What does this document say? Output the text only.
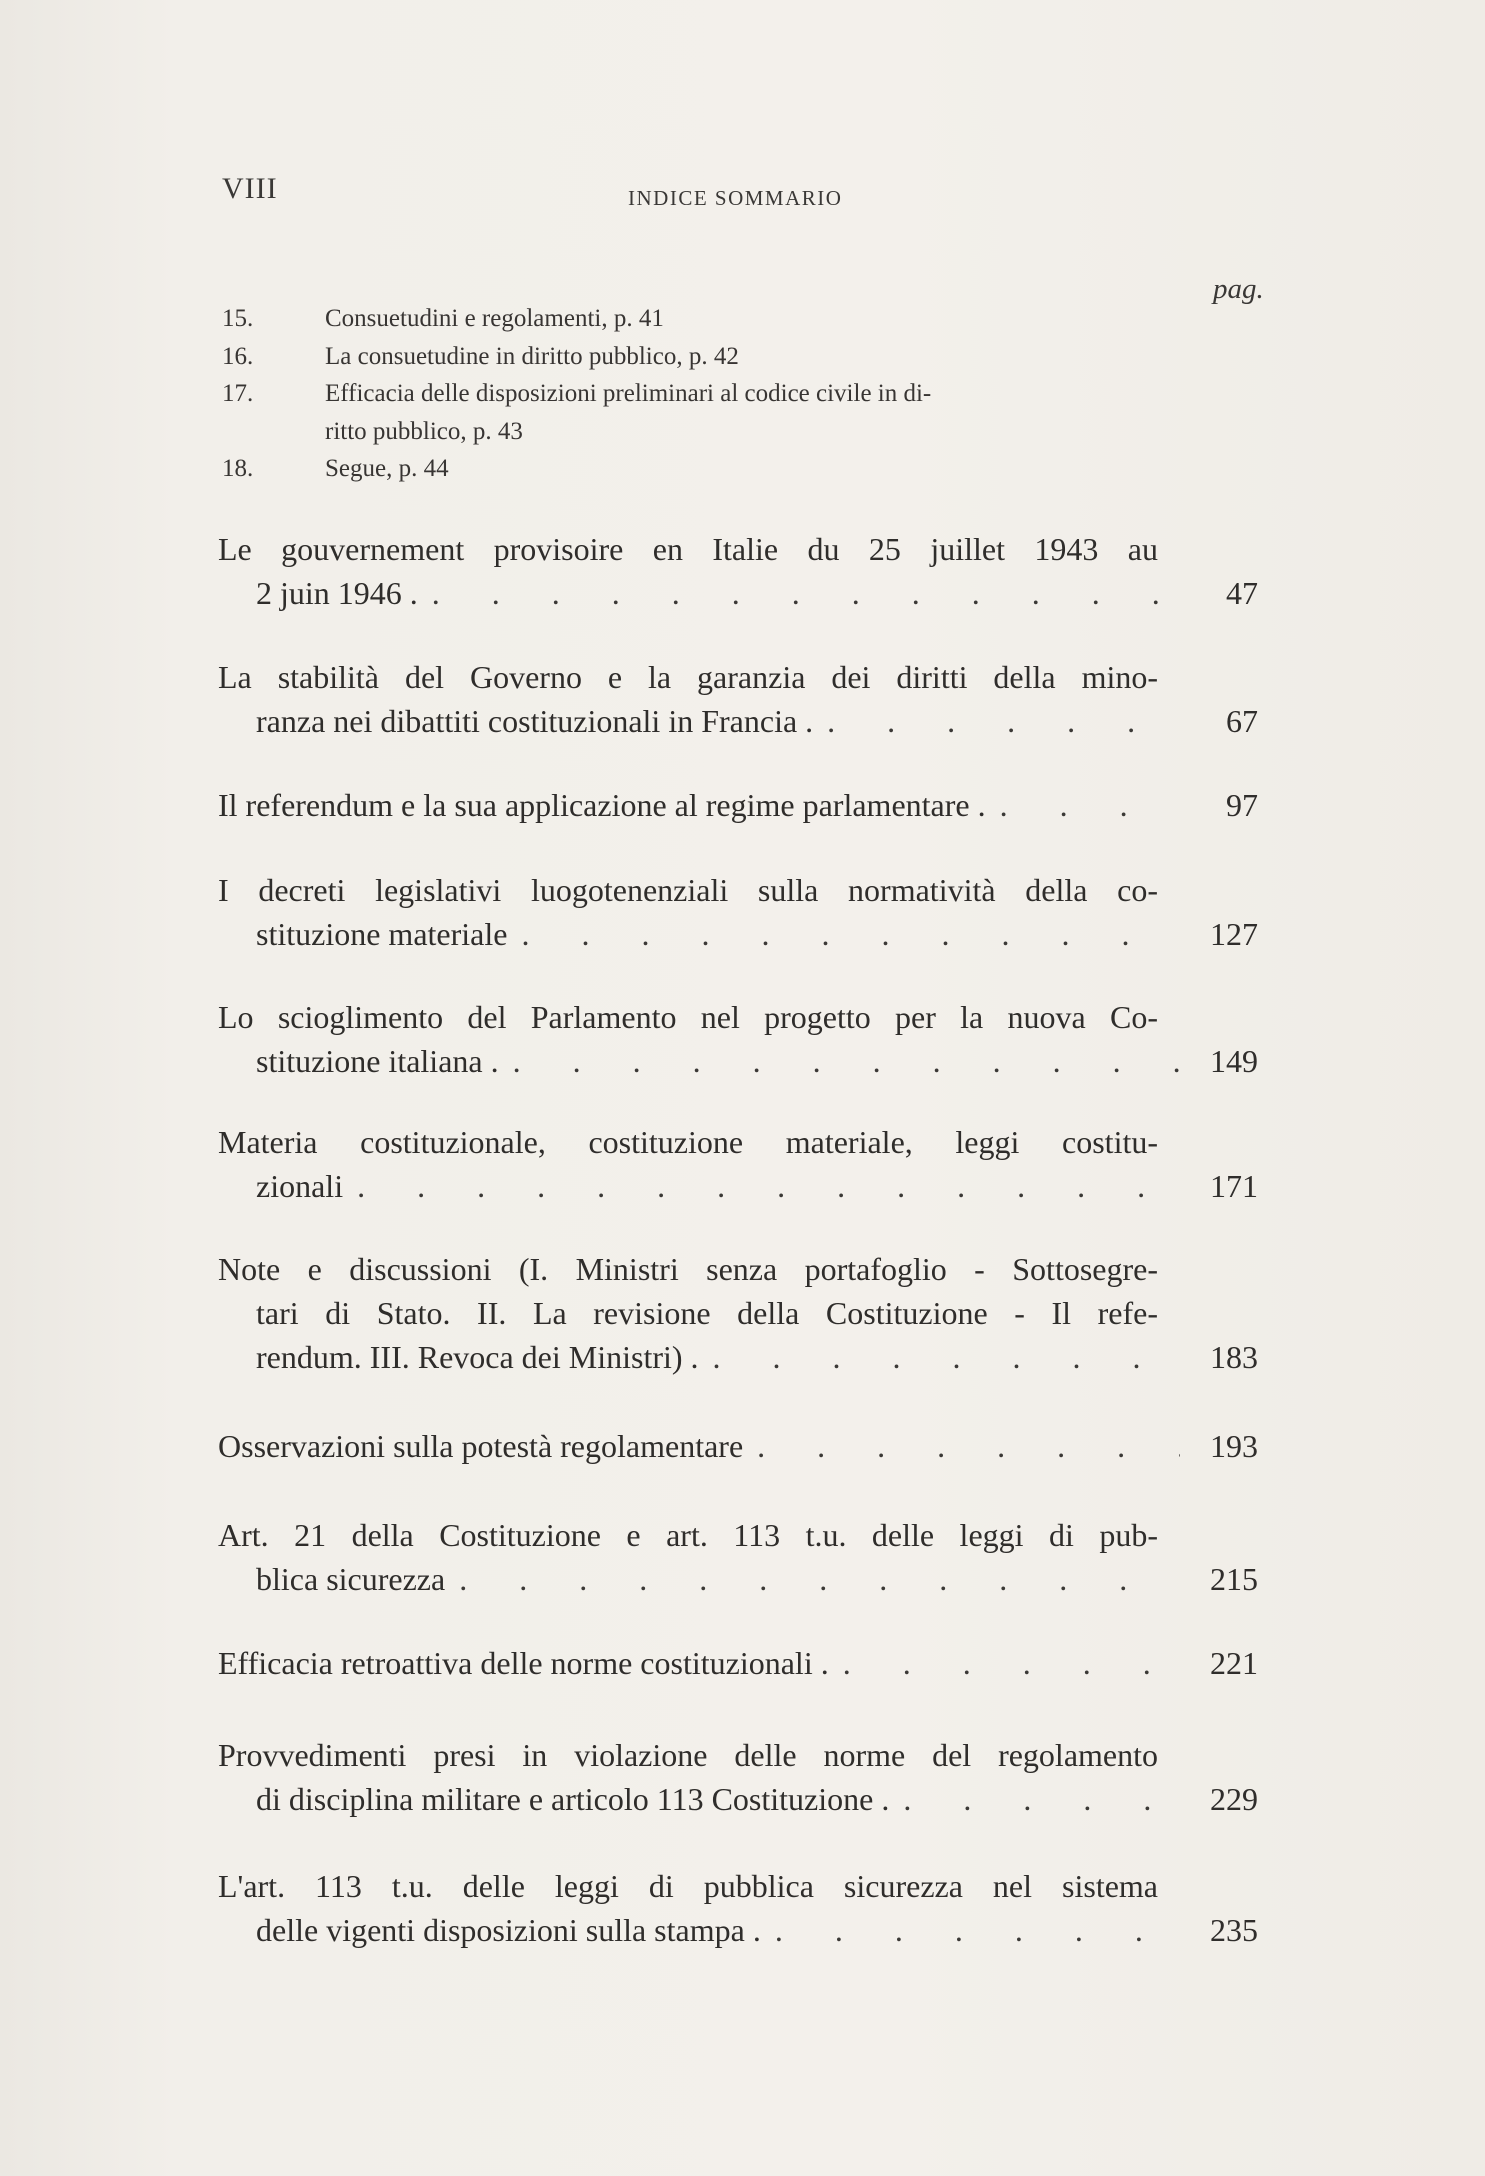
VIII	INDICE SOMMARIO
pag.
15.	Consuetudini e regolamenti, p. 41
16.	La consuetudine in diritto pubblico, p. 42
17.	Efficacia delle disposizioni preliminari al codice civile in di-
ritto pubblico, p. 43
18.	Segue, p. 44
Le gouvernement provisoire en Italie du 25 juillet 1943 au
2 juin 1946 . . . .	47
La stabilità del Governo e la garanzia dei diritti della mino-
ranza nei dibattiti costituzionali in Francia . . . .	67
Il referendum e la sua applicazione al regime parlamentare . . . .	97
I decreti legislativi luogotenenziali sulla normatività della co-
stituzione materiale . . .	127
Lo scioglimento del Parlamento nel progetto per la nuova Co-
stituzione italiana . . . .	149
Materia costituzionale, costituzione materiale, leggi costitu-
zionali . . .	171
Note e discussioni (I. Ministri senza portafoglio - Sottosegre-
tari di Stato. II. La revisione della Costituzione - Il refe-
rendum. III. Revoca dei Ministri) . . . .	183
Osservazioni sulla potestà regolamentare . . .	193
Art. 21 della Costituzione e art. 113 t.u. delle leggi di pub-
blica sicurezza . . .	215
Efficacia retroattiva delle norme costituzionali . . . .	221
Provvedimenti presi in violazione delle norme del regolamento
di disciplina militare e articolo 113 Costituzione . . . .	229
L'art. 113 t.u. delle leggi di pubblica sicurezza nel sistema
delle vigenti disposizioni sulla stampa . . . .	235
